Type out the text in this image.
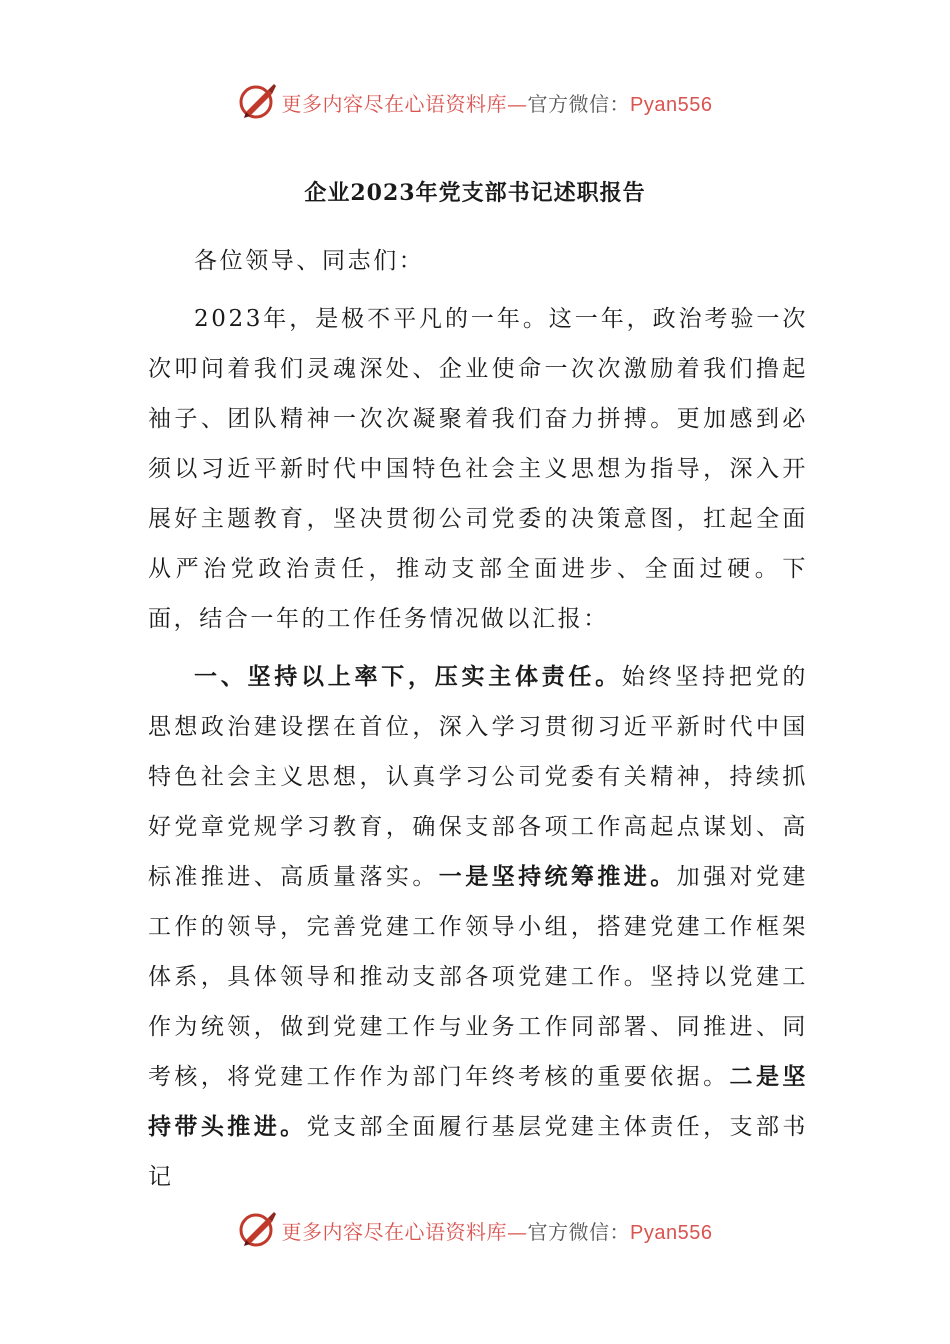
更多内容尽在心语资料库—官方微信：Pyan556
企业2023年党支部书记述职报告

各位领导、同志们：

2023年，是极不平凡的一年。这一年，政治考验一次次叩问着我们灵魂深处、企业使命一次次激励着我们撸起袖子、团队精神一次次凝聚着我们奋力拼搏。更加感到必须以习近平新时代中国特色社会主义思想为指导，深入开展好主题教育，坚决贯彻公司党委的决策意图，扛起全面从严治党政治责任，推动支部全面进步、全面过硬。下面，结合一年的工作任务情况做以汇报：

一、坚持以上率下，压实主体责任。始终坚持把党的思想政治建设摆在首位，深入学习贯彻习近平新时代中国特色社会主义思想，认真学习公司党委有关精神，持续抓好党章党规学习教育，确保支部各项工作高起点谋划、高标准推进、高质量落实。一是坚持统筹推进。加强对党建工作的领导，完善党建工作领导小组，搭建党建工作框架体系，具体领导和推动支部各项党建工作。坚持以党建工作为统领，做到党建工作与业务工作同部署、同推进、同考核，将党建工作作为部门年终考核的重要依据。二是坚持带头推进。党支部全面履行基层党建主体责任，支部书记

更多内容尽在心语资料库—官方微信：Pyan556
